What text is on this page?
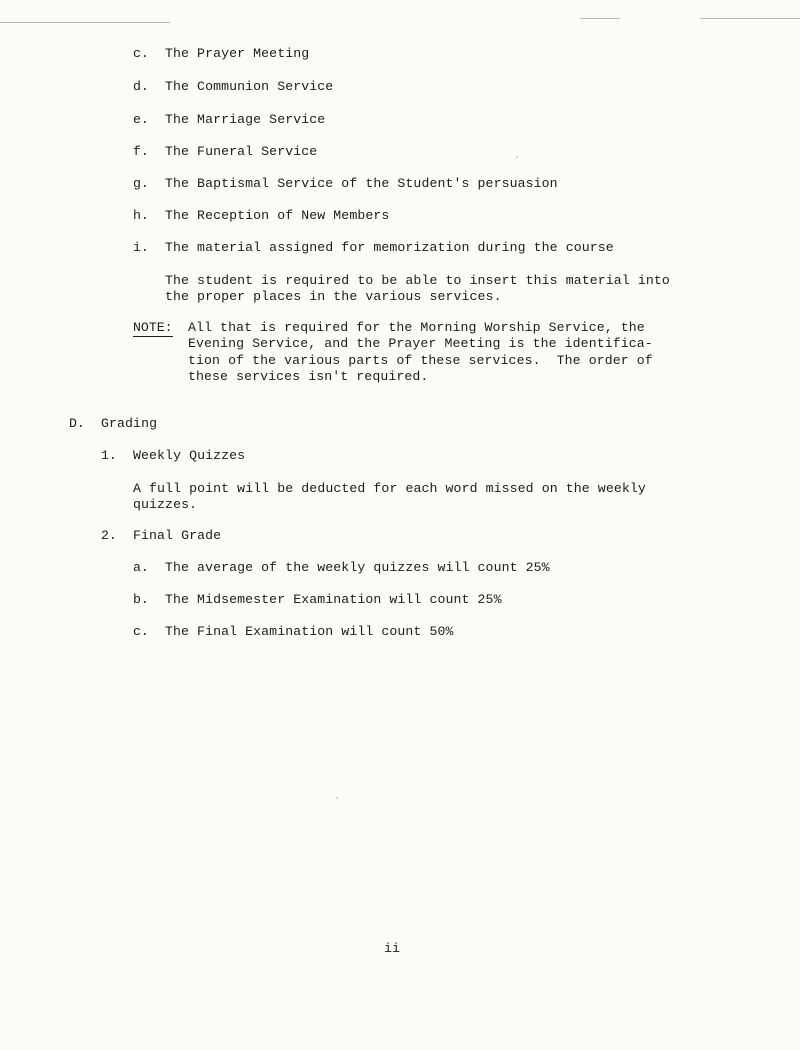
c. The Prayer Meeting
d. The Communion Service
e. The Marriage Service
f. The Funeral Service
g. The Baptismal Service of the Student's persuasion
h. The Reception of New Members
i. The material assigned for memorization during the course
The student is required to be able to insert this material into
the proper places in the various services.
NOTE: All that is required for the Morning Worship Service, the
Evening Service, and the Prayer Meeting is the identifica-
tion of the various parts of these services.  The order of
these services isn't required.
D. Grading
1. Weekly Quizzes
A full point will be deducted for each word missed on the weekly
quizzes.
2. Final Grade
a. The average of the weekly quizzes will count 25%
b. The Midsemester Examination will count 25%
c. The Final Examination will count 50%
ii
